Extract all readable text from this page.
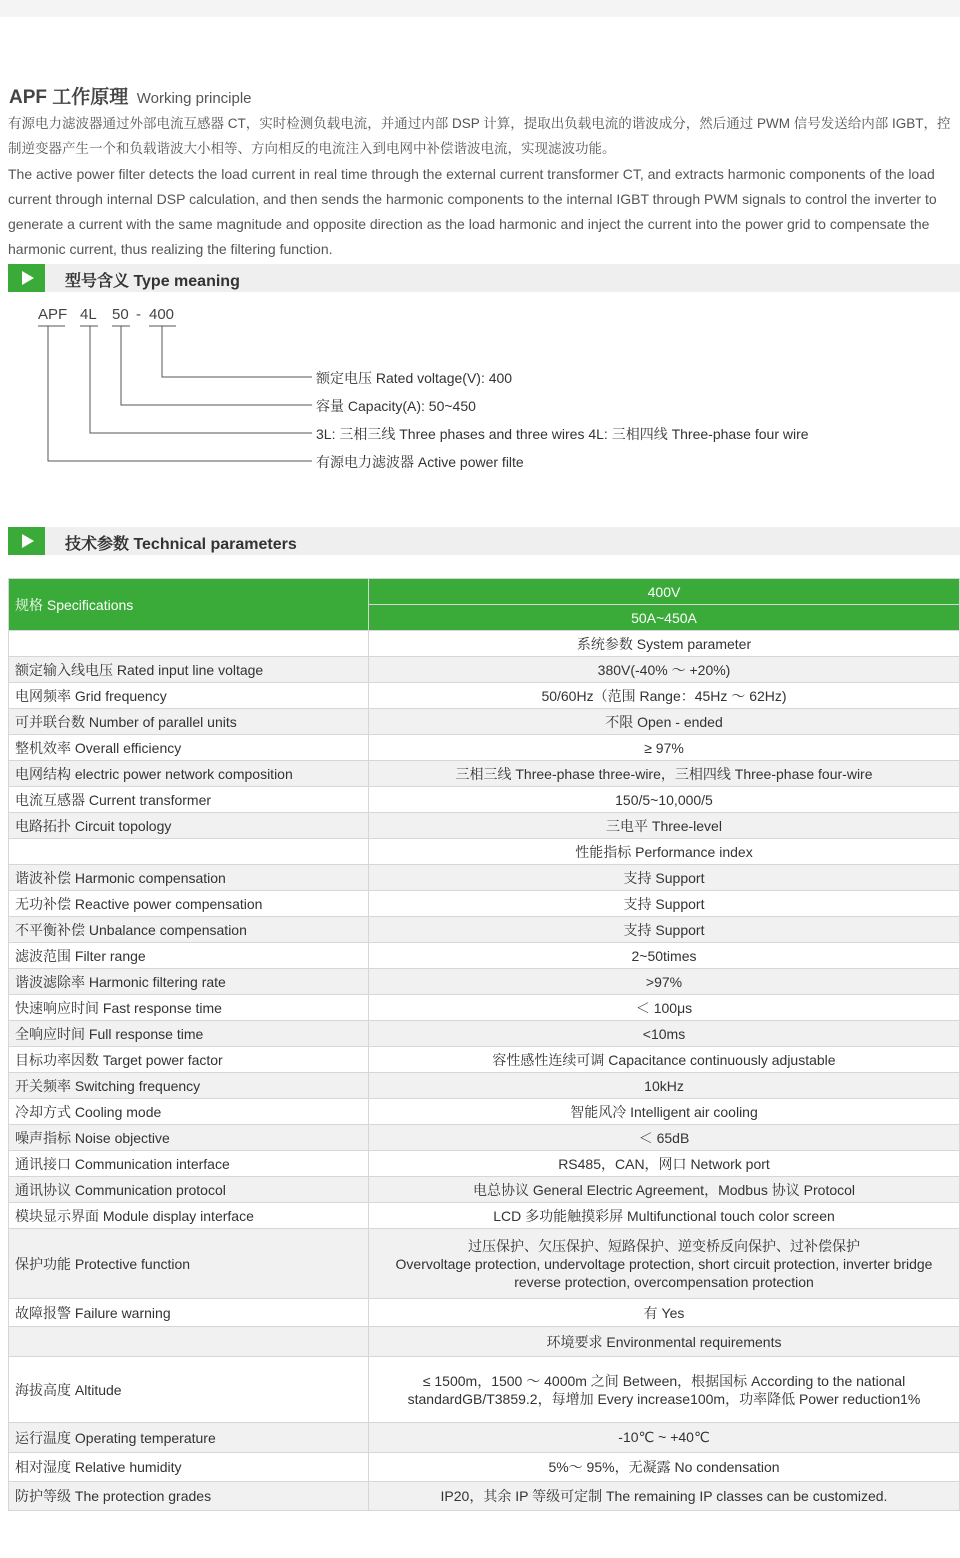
APF 工作原理 Working principle
有源电力滤波器通过外部电流互感器 CT，实时检测负载电流，并通过内部 DSP 计算，提取出负载电流的谐波成分，然后通过 PWM 信号发送给内部 IGBT，控制逆变器产生一个和负载谐波大小相等、方向相反的电流注入到电网中补偿谐波电流，实现滤波功能。
The active power filter detects the load current in real time through the external current transformer CT, and extracts harmonic components of the load current through internal DSP calculation, and then sends the harmonic components to the internal IGBT through PWM signals to control the inverter to generate a current with the same magnitude and opposite direction as the load harmonic and inject the current into the power grid to compensate the harmonic current, thus realizing the filtering function.
型号含义 Type meaning
APF 4L 50 - 400
额定电压 Rated voltage(V): 400
容量 Capacity(A): 50~450
3L: 三相三线 Three phases and three wires 4L: 三相四线 Three-phase four wire
有源电力滤波器 Active power filte
技术参数 Technical parameters
规格 Specifications	400V
	50A~450A
	系统参数 System parameter
额定输入线电压 Rated input line voltage	380V(-40% ～ +20%)
电网频率 Grid frequency	50/60Hz（范围 Range：45Hz ～ 62Hz)
可并联台数 Number of parallel units	不限 Open - ended
整机效率 Overall efficiency	≥ 97%
电网结构 electric power network composition	三相三线 Three-phase three-wire，三相四线 Three-phase four-wire
电流互感器 Current transformer	150/5~10,000/5
电路拓扑 Circuit topology	三电平 Three-level
	性能指标 Performance index
谐波补偿 Harmonic compensation	支持 Support
无功补偿 Reactive power compensation	支持 Support
不平衡补偿 Unbalance compensation	支持 Support
滤波范围 Filter range	2~50times
谐波滤除率 Harmonic filtering rate	>97%
快速响应时间 Fast response time	＜ 100μs
全响应时间 Full response time	<10ms
目标功率因数 Target power factor	容性感性连续可调 Capacitance continuously adjustable
开关频率 Switching frequency	10kHz
冷却方式 Cooling mode	智能风冷 Intelligent air cooling
噪声指标 Noise objective	＜ 65dB
通讯接口 Communication interface	RS485，CAN，网口 Network port
通讯协议 Communication protocol	电总协议 General Electric Agreement，Modbus 协议 Protocol
模块显示界面 Module display interface	LCD 多功能触摸彩屏 Multifunctional touch color screen
保护功能 Protective function	过压保护、欠压保护、短路保护、逆变桥反向保护、过补偿保护
Overvoltage protection, undervoltage protection, short circuit protection, inverter bridge
reverse protection, overcompensation protection

故障报警 Failure warning	有 Yes
	环境要求 Environmental requirements
海拔高度 Altitude	≤ 1500m，1500 ～ 4000m 之间 Between，根据国标 According to the national
standardGB/T3859.2，每增加 Every increase100m，功率降低 Power reduction1%

运行温度 Operating temperature	-10℃ ~ +40℃
相对湿度 Relative humidity	5%～ 95%，无凝露 No condensation
防护等级 The protection grades	IP20，其余 IP 等级可定制 The remaining IP classes can be customized.
